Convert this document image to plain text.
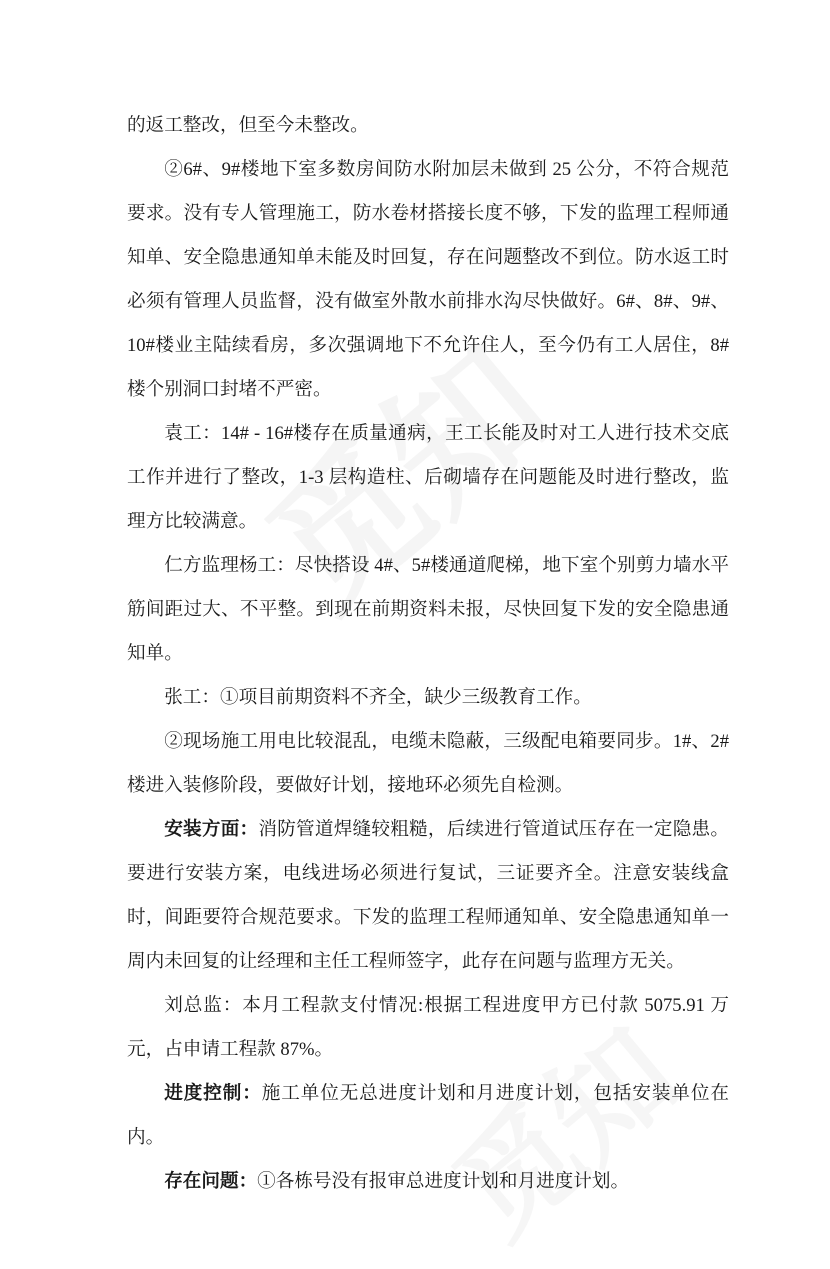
的返工整改，但至今未整改。

②6#、9#楼地下室多数房间防水附加层未做到 25 公分，不符合规范要求。没有专人管理施工，防水卷材搭接长度不够，下发的监理工程师通知单、安全隐患通知单未能及时回复，存在问题整改不到位。防水返工时必须有管理人员监督，没有做室外散水前排水沟尽快做好。6#、8#、9#、10#楼业主陆续看房，多次强调地下不允许住人，至今仍有工人居住，8#楼个别洞口封堵不严密。

袁工：14# - 16#楼存在质量通病，王工长能及时对工人进行技术交底工作并进行了整改，1-3 层构造柱、后砌墙存在问题能及时进行整改，监理方比较满意。

仁方监理杨工：尽快搭设 4#、5#楼通道爬梯，地下室个别剪力墙水平筋间距过大、不平整。到现在前期资料未报，尽快回复下发的安全隐患通知单。

张工：①项目前期资料不齐全，缺少三级教育工作。

②现场施工用电比较混乱，电缆未隐蔽，三级配电箱要同步。1#、2#楼进入装修阶段，要做好计划，接地环必须先自检测。

安装方面：消防管道焊缝较粗糙，后续进行管道试压存在一定隐患。要进行安装方案，电线进场必须进行复试，三证要齐全。注意安装线盒时，间距要符合规范要求。下发的监理工程师通知单、安全隐患通知单一周内未回复的让经理和主任工程师签字，此存在问题与监理方无关。

刘总监：本月工程款支付情况:根据工程进度甲方已付款 5075.91 万元，占申请工程款 87%。

进度控制：施工单位无总进度计划和月进度计划，包括安装单位在内。

存在问题：①各栋号没有报审总进度计划和月进度计划。
